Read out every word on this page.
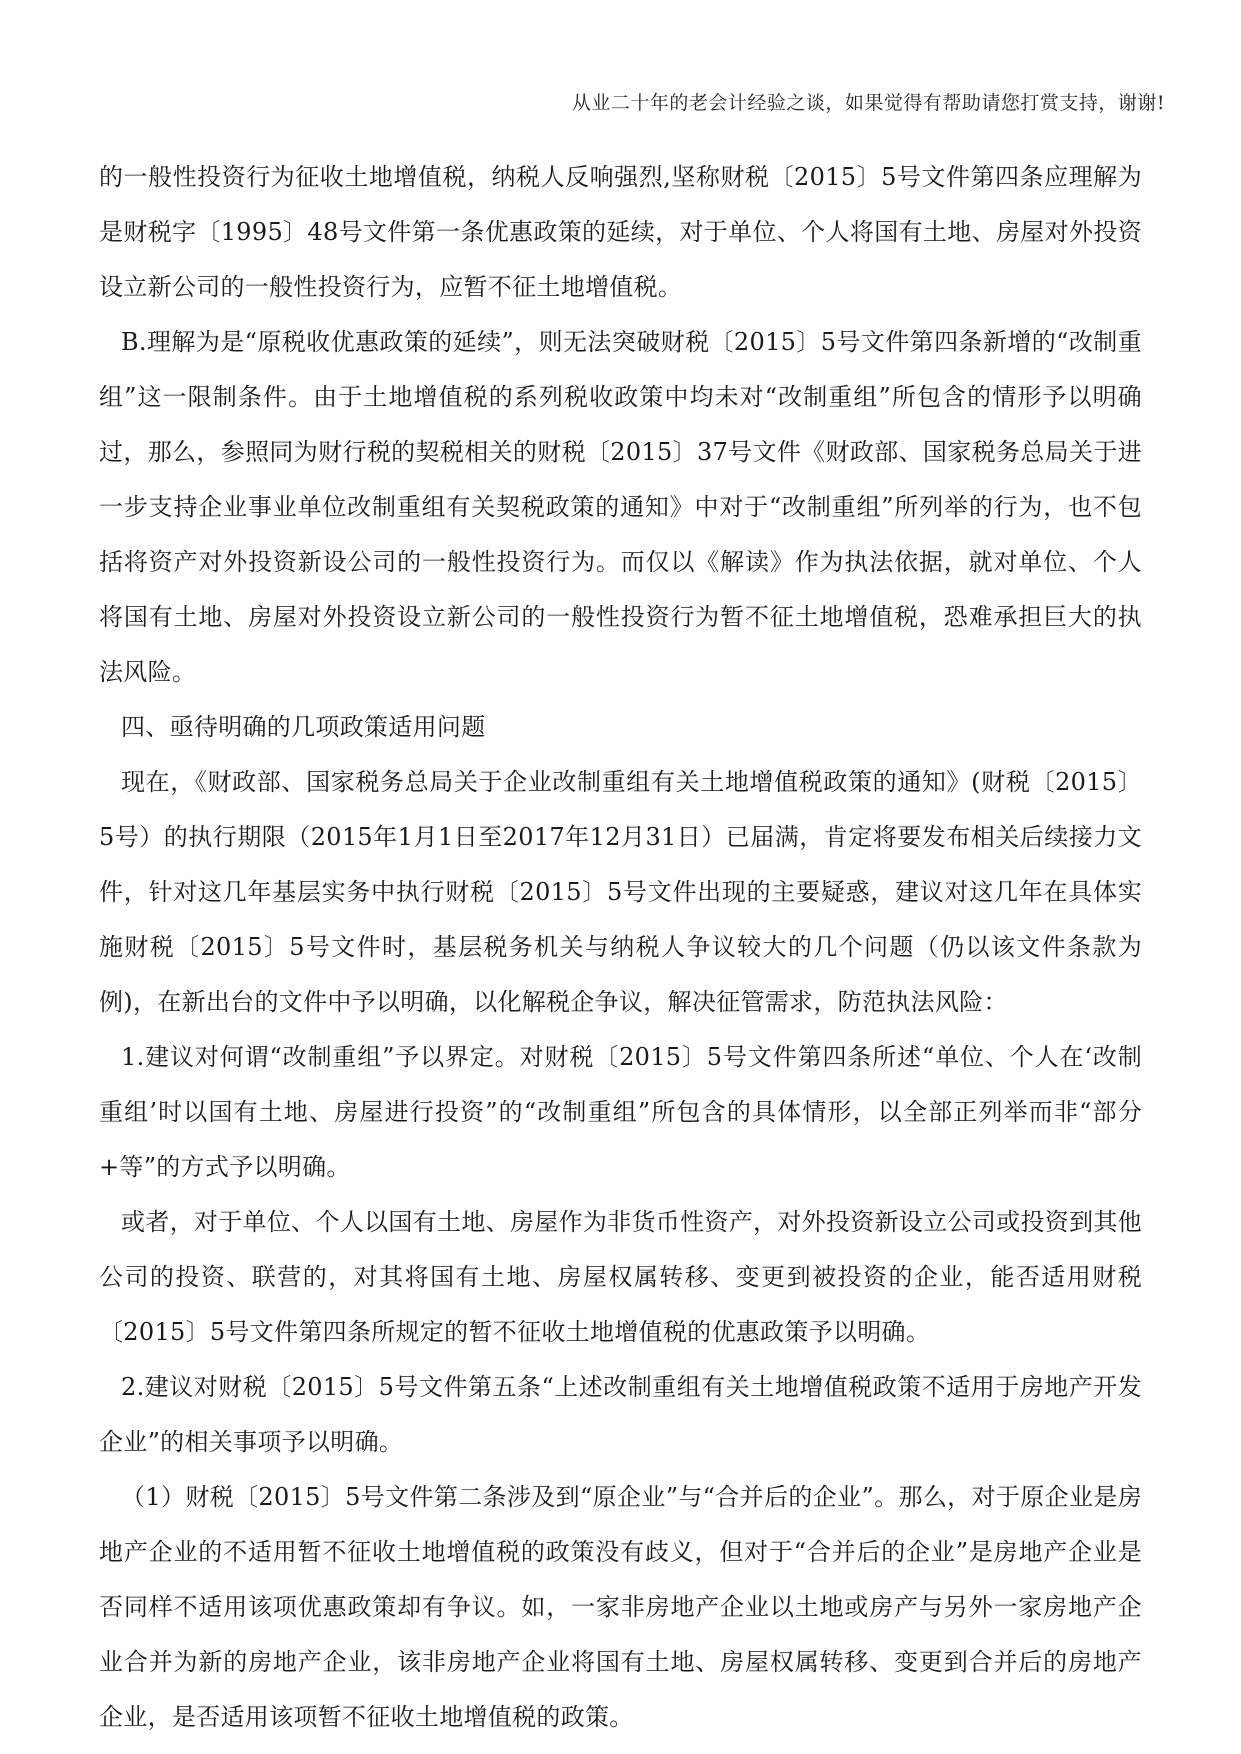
从业二十年的老会计经验之谈，如果觉得有帮助请您打赏支持，谢谢!

的一般性投资行为征收土地增值税，纳税人反响强烈,坚称财税〔2015〕5号文件第四条应理解为是财税字〔1995〕48号文件第一条优惠政策的延续，对于单位、个人将国有土地、房屋对外投资设立新公司的一般性投资行为，应暂不征土地增值税。

B.理解为是“原税收优惠政策的延续”，则无法突破财税〔2015〕5号文件第四条新增的“改制重组”这一限制条件。由于土地增值税的系列税收政策中均未对“改制重组”所包含的情形予以明确过，那么，参照同为财行税的契税相关的财税〔2015〕37号文件《财政部、国家税务总局关于进一步支持企业事业单位改制重组有关契税政策的通知》中对于“改制重组”所列举的行为，也不包括将资产对外投资新设公司的一般性投资行为。而仅以《解读》作为执法依据，就对单位、个人将国有土地、房屋对外投资设立新公司的一般性投资行为暂不征土地增值税，恐难承担巨大的执法风险。

四、亟待明确的几项政策适用问题

现在，《财政部、国家税务总局关于企业改制重组有关土地增值税政策的通知》(财税〔2015〕5号）的执行期限（2015年1月1日至2017年12月31日）已届满，肯定将要发布相关后续接力文件，针对这几年基层实务中执行财税〔2015〕5号文件出现的主要疑惑，建议对这几年在具体实施财税〔2015〕5号文件时，基层税务机关与纳税人争议较大的几个问题（仍以该文件条款为例)，在新出台的文件中予以明确，以化解税企争议，解决征管需求，防范执法风险：

1.建议对何谓“改制重组”予以界定。对财税〔2015〕5号文件第四条所述“单位、个人在‘改制重组’时以国有土地、房屋进行投资”的“改制重组”所包含的具体情形，以全部正列举而非“部分+等”的方式予以明确。

或者，对于单位、个人以国有土地、房屋作为非货币性资产，对外投资新设立公司或投资到其他公司的投资、联营的，对其将国有土地、房屋权属转移、变更到被投资的企业，能否适用财税〔2015〕5号文件第四条所规定的暂不征收土地增值税的优惠政策予以明确。

2.建议对财税〔2015〕5号文件第五条“上述改制重组有关土地增值税政策不适用于房地产开发企业”的相关事项予以明确。

（1）财税〔2015〕5号文件第二条涉及到“原企业”与“合并后的企业”。那么，对于原企业是房地产企业的不适用暂不征收土地增值税的政策没有歧义，但对于“合并后的企业”是房地产企业是否同样不适用该项优惠政策却有争议。如，一家非房地产企业以土地或房产与另外一家房地产企业合并为新的房地产企业，该非房地产企业将国有土地、房屋权属转移、变更到合并后的房地产企业，是否适用该项暂不征收土地增值税的政策。
